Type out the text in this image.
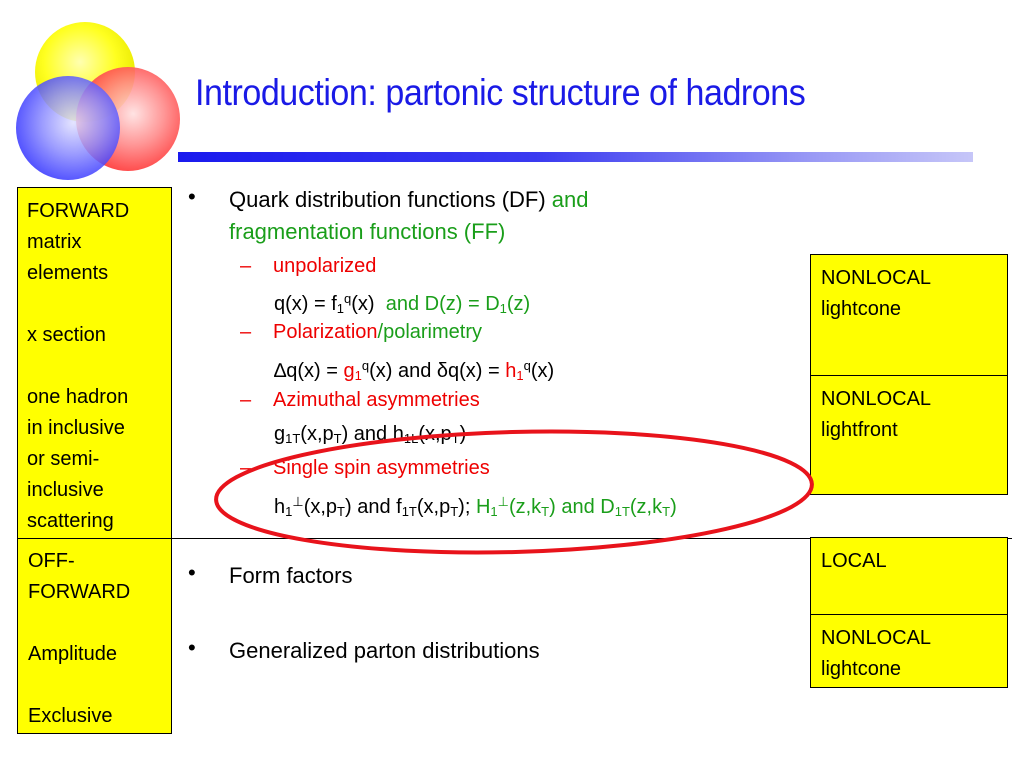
Introduction: partonic structure of hadrons
NONLOCAL
lightcone
NONLOCAL
lightfront
LOCAL
NONLOCAL
lightcone
• Quark distribution functions (DF) and
fragmentation functions (FF)
– unpolarized
$q(x) = f_1^q(x)$ and $D(z) = D_1(z)$
– Polarization/polarimetry
$\Delta q(x) = g_1^q(x)$ and $\delta q(x) = h_1^q(x)$
– Azimuthal asymmetries
$g_{1T}(x,p_T)$ and $h_{1L}(x,p_T)$
– Single spin asymmetries
$h_1^\perp(x,p_T)$ and $f_{1T}(x,p_T)$; $H_1^\perp(z,k_T)$ and $D_{1T}(z,k_T)$
• Form factors
• Generalized parton distributions
FORWARD
matrix
elements
x section
one hadron
in inclusive
or semi-
inclusive
scattering
OFF-
FORWARD
Amplitude
Exclusive
